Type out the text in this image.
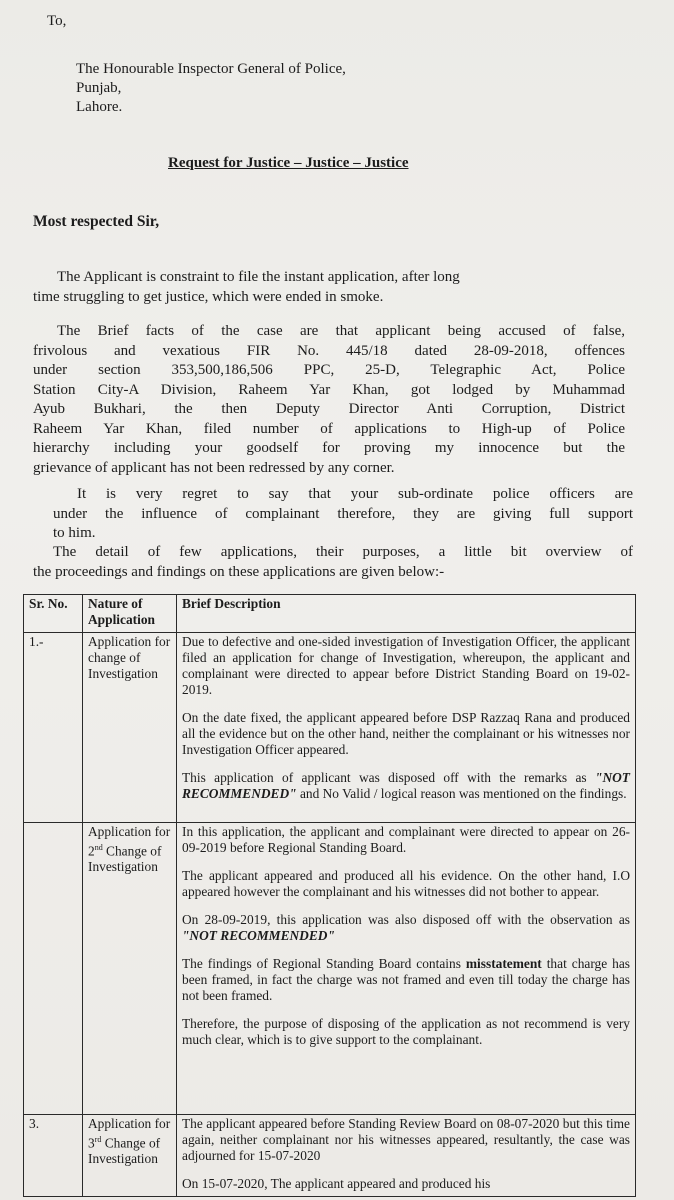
To,
The Honourable Inspector General of Police,
Punjab,
Lahore.
Request for Justice – Justice – Justice
Most respected Sir,

The Applicant is constraint to file the instant application, after long

time struggling to get justice, which were ended in smoke.

The Brief facts of the case are that applicant being accused of false,

frivolous and vexatious FIR No. 445/18 dated 28-09-2018, offences

under section 353,500,186,506 PPC, 25-D, Telegraphic Act, Police

Station City-A Division, Raheem Yar Khan, got lodged by Muhammad

Ayub Bukhari, the then Deputy Director Anti Corruption, District

Raheem Yar Khan, filed number of applications to High-up of Police

hierarchy including your goodself for proving my innocence but the

grievance of applicant has not been redressed by any corner.

It is very regret to say that your sub-ordinate police officers are

under the influence of complainant therefore, they are giving full support

to him.

The detail of few applications, their purposes, a little bit overview of

the proceedings and findings on these applications are given below:-

Sr. No.	Nature of Application	Brief Description
1.-	Application for change of Investigation	Due to defective and one-sided investigation of Investigation Officer, the applicant filed an application for change of Investigation, whereupon, the applicant and complainant were directed to appear before District Standing Board on 19-02-2019.

On the date fixed, the applicant appeared before DSP Razzaq Rana and produced all the evidence but on the other hand, neither the complainant or his witnesses nor Investigation Officer appeared.

This application of applicant was disposed off with the remarks as "NOT RECOMMENDED" and No Valid / logical reason was mentioned on the findings.

	Application for 2nd Change of Investigation	In this application, the applicant and complainant were directed to appear on 26-09-2019 before Regional Standing Board.

The applicant appeared and produced all his evidence. On the other hand, I.O appeared however the complainant and his witnesses did not bother to appear.

On 28-09-2019, this application was also disposed off with the observation as "NOT RECOMMENDED"

The findings of Regional Standing Board contains misstatement that charge has been framed, in fact the charge was not framed and even till today the charge has not been framed.

Therefore, the purpose of disposing of the application as not recommend is very much clear, which is to give support to the complainant.

3.	Application for 3rd Change of Investigation	The applicant appeared before Standing Review Board on 08-07-2020 but this time again, neither complainant nor his witnesses appeared, resultantly, the case was adjourned for 15-07-2020

On 15-07-2020, The applicant appeared and produced his
